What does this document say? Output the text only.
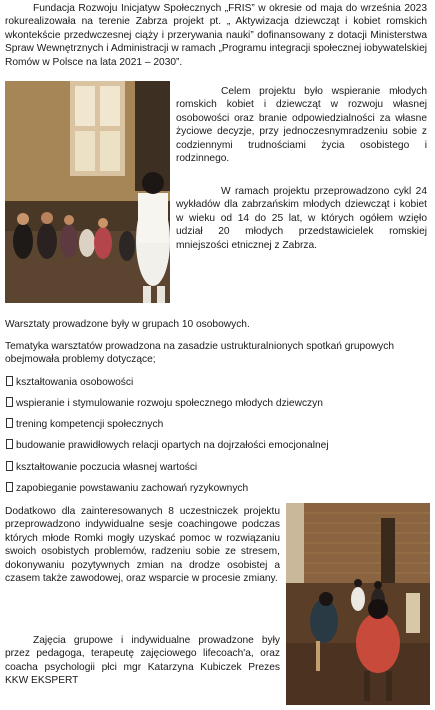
Fundacja Rozwoju Inicjatyw Społecznych „FRIS” w okresie od maja do września 2023 rokurealizowała na terenie Zabrza projekt pt. „ Aktywizacja dziewcząt i kobiet romskich wkontekście przedwczesnej ciąży i przerywania nauki” dofinansowany z dotacji Ministerstwa Spraw Wewnętrznych i Administracji w ramach „Programu integracji społecznej iobywatelskiej Romów w Polsce na lata 2021 – 2030”.
Celem projektu było wspieranie młodych romskich kobiet i dziewcząt w rozwoju własnej osobowości oraz branie odpowiedzialności za własne życiowe decyzje, przy jednoczesnymradzeniu sobie z codziennymi trudnościami życia osobistego i rodzinnego.
W ramach projektu przeprowadzono cykl 24 wykładów dla zabrzańskim młodych dziewcząt i kobiet w wieku od 14 do 25 lat, w których ogółem wzięło udział 20 młodych przedstawicielek romskiej mniejszości etnicznej z Zabrza.
Warsztaty prowadzone były w grupach 10 osobowych.
Tematyka warsztatów prowadzona na zasadzie ustrukturalnionych spotkań grupowych obejmowała problemy dotyczące;
kształtowania osobowości
wspieranie i stymulowanie rozwoju społecznego młodych dziewczyn
trening kompetencji społecznych
budowanie prawidłowych relacji opartych na dojrzałości emocjonalnej
kształtowanie poczucia własnej wartości
zapobieganie powstawaniu zachowań ryzykownych
Dodatkowo dla zainteresowanych 8 uczestniczek projektu przeprowadzono indywidualne sesje coachingowe podczas których młode Romki mogły uzyskać pomoc w rozwiązaniu swoich osobistych problemów, radzeniu sobie ze stresem, dokonywaniu pozytywnych zmian na drodze osobistej a czasem także zawodowej, oraz wsparcie w procesie zmiany.
Zajęcia grupowe i indywidualne prowadzone były przez pedagoga, terapeutę zajęciowego lifecoach'a, oraz coacha psychologii płci mgr Katarzyna Kubiczek Prezes KKW EKSPERT
